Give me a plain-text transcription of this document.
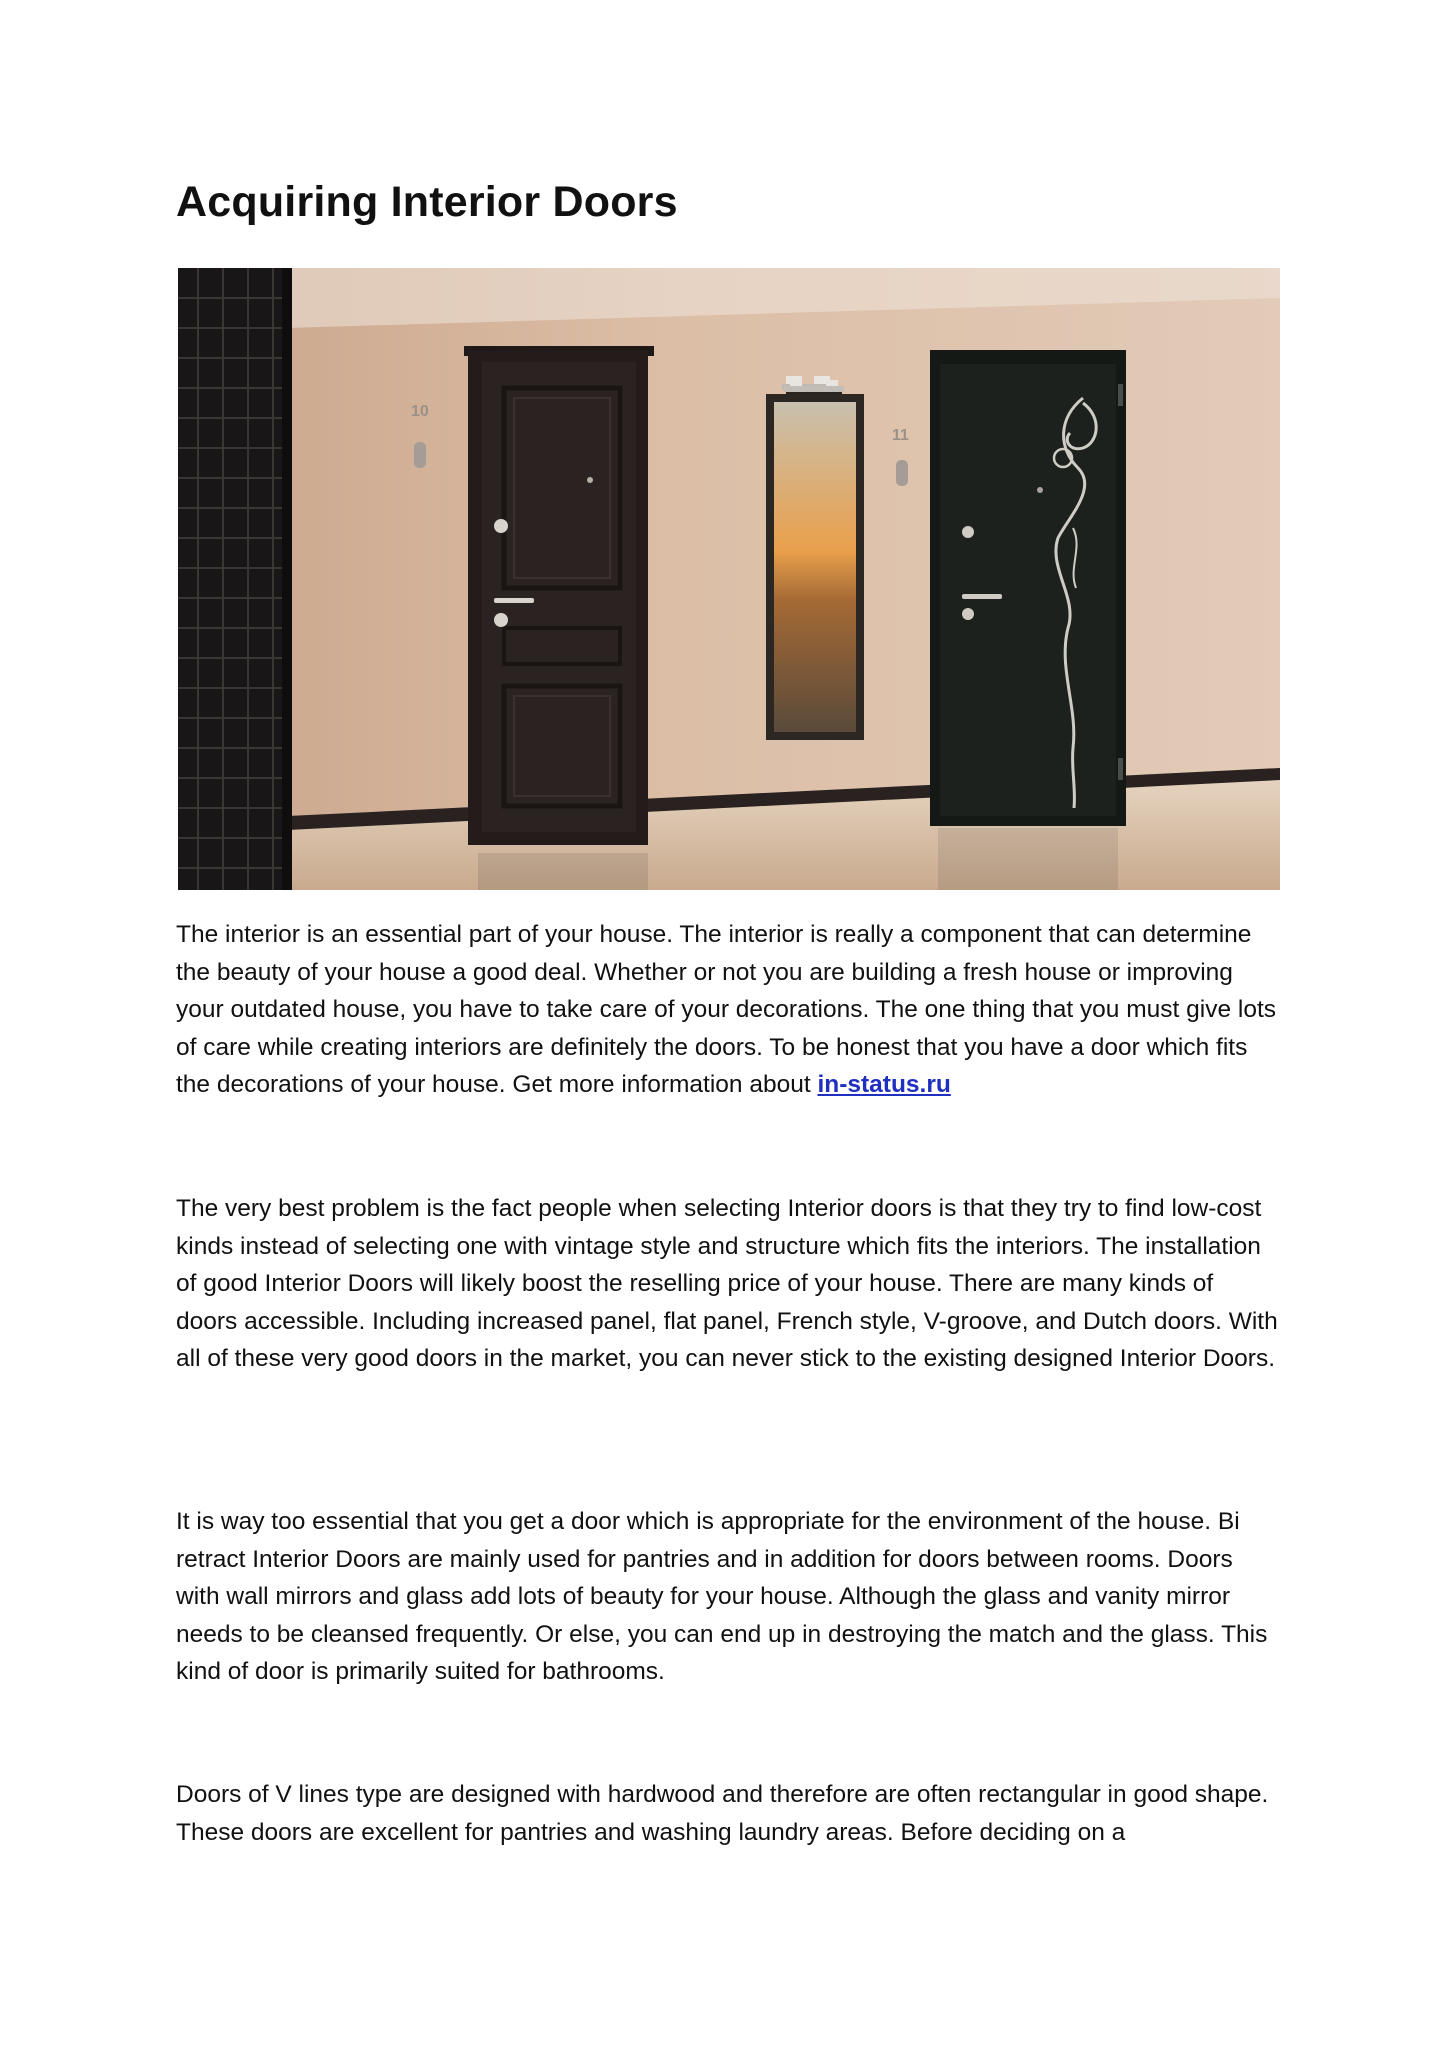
Acquiring Interior Doors
10
11

The interior is an essential part of your house. The interior is really a component that can determine the beauty of your house a good deal. Whether or not you are building a fresh house or improving your outdated house, you have to take care of your decorations. The one thing that you must give lots of care while creating interiors are definitely the doors. To be honest that you have a door which fits the decorations of your house. Get more information about in-status.ru

The very best problem is the fact people when selecting Interior doors is that they try to find low-cost kinds instead of selecting one with vintage style and structure which fits the interiors. The installation of good Interior Doors will likely boost the reselling price of your house. There are many kinds of doors accessible. Including increased panel, flat panel, French style, V-groove, and Dutch doors. With all of these very good doors in the market, you can never stick to the existing designed Interior Doors.

It is way too essential that you get a door which is appropriate for the environment of the house. Bi retract Interior Doors are mainly used for pantries and in addition for doors between rooms. Doors with wall mirrors and glass add lots of beauty for your house. Although the glass and vanity mirror needs to be cleansed frequently. Or else, you can end up in destroying the match and the glass. This kind of door is primarily suited for bathrooms.

Doors of V lines type are designed with hardwood and therefore are often rectangular in good shape. These doors are excellent for pantries and washing laundry areas. Before deciding on a
